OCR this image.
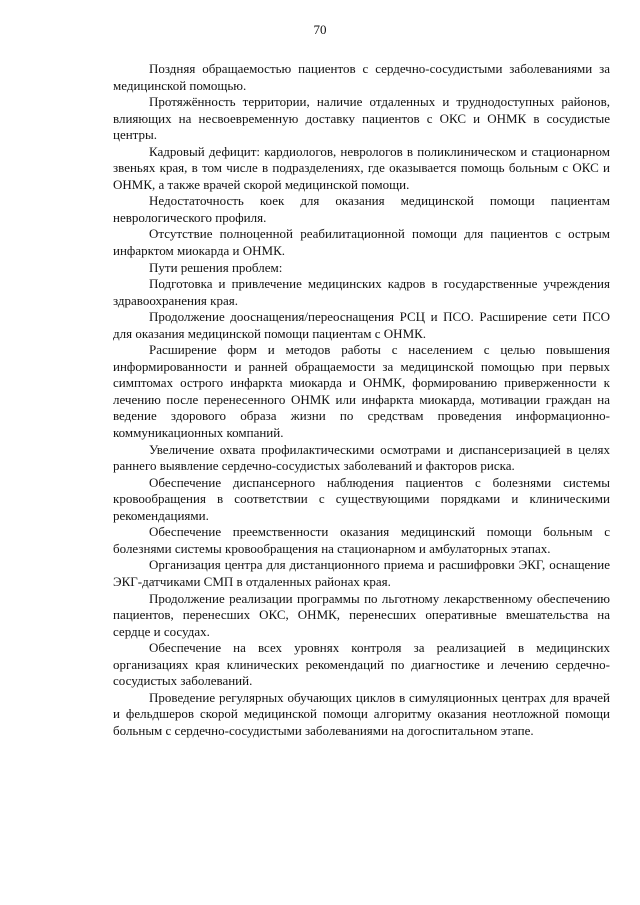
70

Поздняя обращаемостью пациентов с сердечно-сосудистыми заболеваниями за медицинской помощью.

Протяжённость территории, наличие отдаленных и труднодоступных районов, влияющих на несвоевременную доставку пациентов с ОКС и ОНМК в сосудистые центры.

Кадровый дефицит: кардиологов, неврологов в поликлиническом и стационарном звеньях края, в том числе в подразделениях, где оказывается помощь больным с ОКС и ОНМК, а также врачей скорой медицинской помощи.

Недостаточность коек для оказания медицинской помощи пациентам неврологического профиля.

Отсутствие полноценной реабилитационной помощи для пациентов с острым инфарктом миокарда и ОНМК.

Пути решения проблем:

Подготовка и привлечение медицинских кадров в государственные учреждения здравоохранения края.

Продолжение дооснащения/переоснащения РСЦ и ПСО. Расширение сети ПСО для оказания медицинской помощи пациентам с ОНМК.

Расширение форм и методов работы с населением с целью повышения информированности и ранней обращаемости за медицинской помощью при первых симптомах острого инфаркта миокарда и ОНМК, формированию приверженности к лечению после перенесенного ОНМК или инфаркта миокарда, мотивации граждан на ведение здорового образа жизни по средствам проведения информационно-коммуникационных компаний.

Увеличение охвата профилактическими осмотрами и диспансеризацией в целях раннего выявление сердечно-сосудистых заболеваний и факторов риска.

Обеспечение диспансерного наблюдения пациентов с болезнями системы кровообращения в соответствии с существующими порядками и клиническими рекомендациями.

Обеспечение преемственности оказания медицинский помощи больным с болезнями системы кровообращения на стационарном и амбулаторных этапах.

Организация центра для дистанционного приема и расшифровки ЭКГ, оснащение ЭКГ-датчиками СМП в отдаленных районах края.

Продолжение реализации программы по льготному лекарственному обеспечению пациентов, перенесших ОКС, ОНМК, перенесших оперативные вмешательства на сердце и сосудах.

Обеспечение на всех уровнях контроля за реализацией в медицинских организациях края клинических рекомендаций по диагностике и лечению сердечно-сосудистых заболеваний.

Проведение регулярных обучающих циклов в симуляционных центрах для врачей и фельдшеров скорой медицинской помощи алгоритму оказания неотложной помощи больным с сердечно-сосудистыми заболеваниями на догоспитальном этапе.
